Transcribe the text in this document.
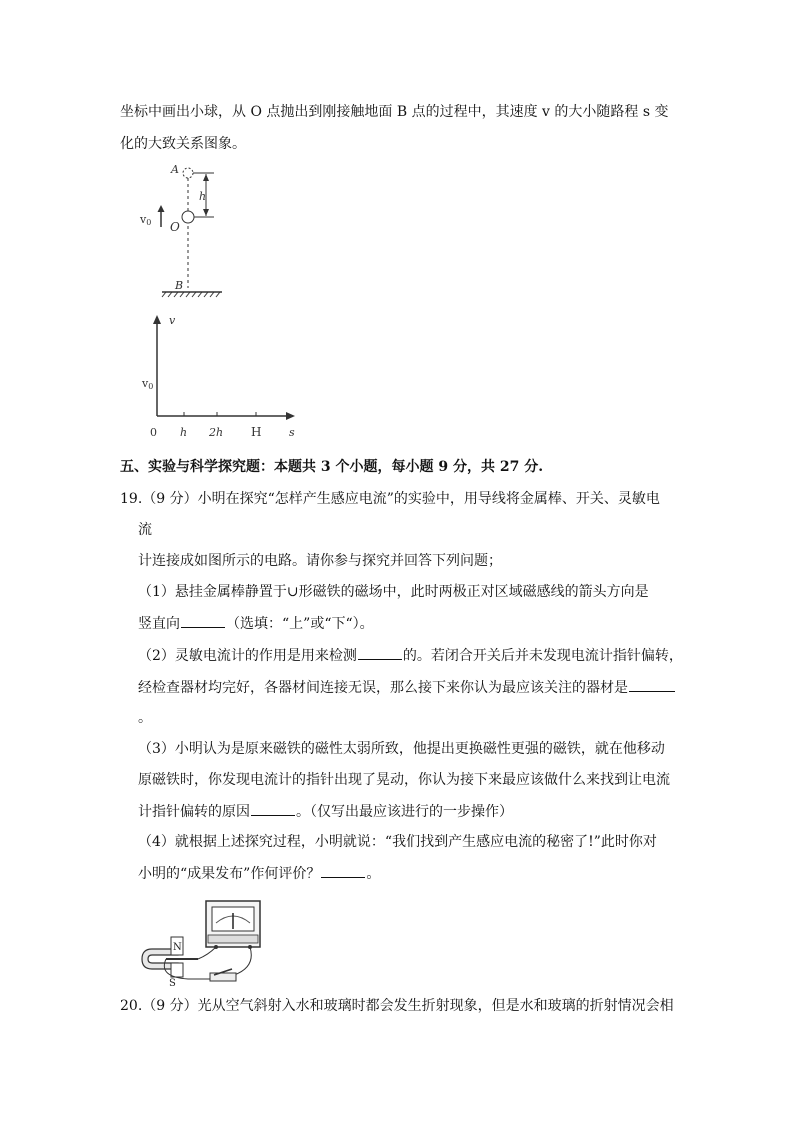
坐标中画出小球，从 O 点抛出到刚接触地面 B 点的过程中，其速度 v 的大小随路程 s 变
化的大致关系图象。
A
h
v0 O
B
v
s
v0
0 h 2h H
五、实验与科学探究题：本题共 3 个小题，每小题 9 分，共 27 分.
19.（9 分）小明在探究“怎样产生感应电流”的实验中，用导线将金属棒、开关、灵敏电
流
计连接成如图所示的电路。请你参与探究并回答下列问题；
（1）悬挂金属棒静置于∪形磁铁的磁场中，此时两极正对区域磁感线的箭头方向是
竖直向	（选填：“上”或“下“）。
（2）灵敏电流计的作用是用来检测	的。若闭合开关后并未发现电流计指针偏转，
经检查器材均完好，各器材间连接无误，那么接下来你认为最应该关注的器材是
。
（3）小明认为是原来磁铁的磁性太弱所致，他提出更换磁性更强的磁铁，就在他移动
原磁铁时，你发现电流计的指针出现了晃动，你认为接下来最应该做什么来找到让电流
计指针偏转的原因	。（仅写出最应该进行的一步操作）
（4）就根据上述探究过程，小明就说：“我们找到产生感应电流的秘密了!”此时你对
小明的“成果发布”作何评价？	。
N
S
20.（9 分）光从空气斜射入水和玻璃时都会发生折射现象，但是水和玻璃的折射情况会相
